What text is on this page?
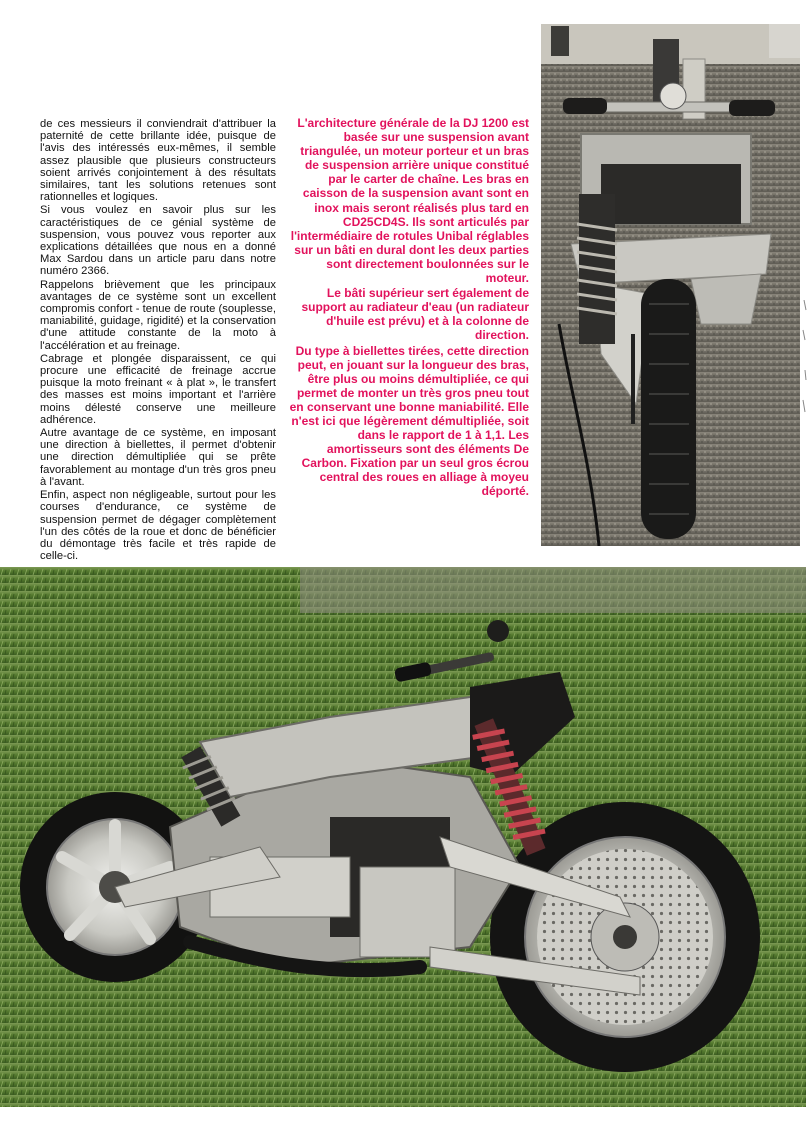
de ces messieurs il conviendrait d'attribuer la paternité de cette brillante idée, puisque de l'avis des intéressés eux-mêmes, il semble assez plausible que plusieurs constructeurs soient arrivés conjointement à des résultats similaires, tant les solutions retenues sont rationnelles et logiques.

Si vous voulez en savoir plus sur les caractéristiques de ce génial système de suspension, vous pouvez vous reporter aux explications détaillées que nous en a donné Max Sardou dans un article paru dans notre numéro 2366.

Rappelons brièvement que les principaux avantages de ce système sont un excellent compromis confort - tenue de route (souplesse, maniabilité, guidage, rigidité) et la conservation d'une attitude constante de la moto à l'accélération et au freinage.

Cabrage et plongée disparaissent, ce qui procure une efficacité de freinage accrue puisque la moto freinant « à plat », le transfert des masses est moins important et l'arrière moins délesté conserve une meilleure adhérence.

Autre avantage de ce système, en imposant une direction à biellettes, il permet d'obtenir une direction démultipliée qui se prête favorablement au montage d'un très gros pneu à l'avant.

Enfin, aspect non négligeable, surtout pour les courses d'endurance, ce système de suspension permet de dégager complètement l'un des côtés de la roue et donc de bénéficier du démontage très facile et très rapide de celle-ci.

L'architecture générale de la DJ 1200 est basée sur une suspension avant triangulée, un moteur porteur et un bras de suspension arrière unique constitué par le carter de chaîne. Les bras en caisson de la suspension avant sont en inox mais seront réalisés plus tard en CD25CD4S. Ils sont articulés par l'intermédiaire de rotules Unibal réglables sur un bâti en dural dont les deux parties sont directement boulonnées sur le moteur.

Le bâti supérieur sert également de support au radiateur d'eau (un radiateur d'huile est prévu) et à la colonne de direction.

Du type à biellettes tirées, cette direction peut, en jouant sur la longueur des bras, être plus ou moins démultipliée, ce qui permet de monter un très gros pneu tout en conservant une bonne maniabilité. Elle n'est ici que légèrement démultipliée, soit dans le rapport de 1 à 1,1. Les amortisseurs sont des éléments De Carbon. Fixation par un seul gros écrou central des roues en alliage à moyeu déporté.
